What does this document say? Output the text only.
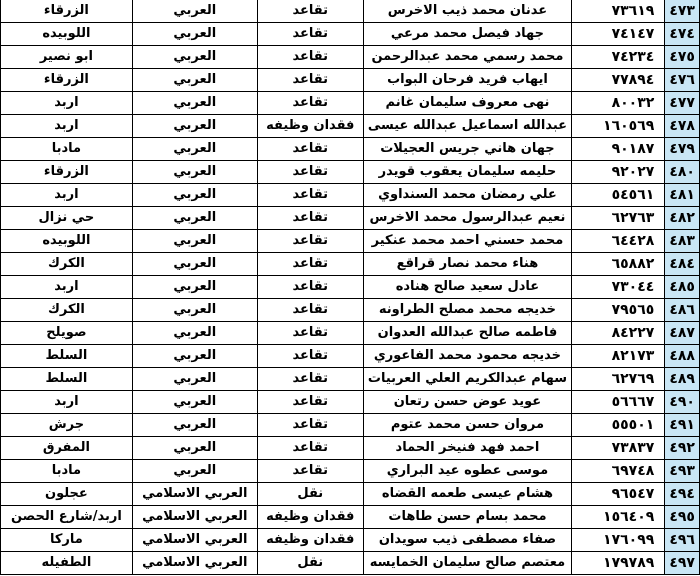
الزرقاء	العربي	تقاعد	عدنان محمد ذيب الاخرس	٧٣٦١٩	٤٧٣
اللوبيده	العربي	تقاعد	جهاد فيصل محمد مرعي	٧٤١٤٧	٤٧٤
ابو نصير	العربي	تقاعد	محمد رسمي محمد عبدالرحمن	٧٤٢٣٤	٤٧٥
الزرقاء	العربي	تقاعد	ايهاب فريد فرحان البواب	٧٧٨٩٤	٤٧٦
اربد	العربي	تقاعد	نهى معروف سليمان غانم	٨٠٠٣٢	٤٧٧
اربد	العربي	فقدان وظيفه	عبدالله اسماعيل عبدالله عيسى	١٦٠٥٦٩	٤٧٨
مادبا	العربي	تقاعد	جهان هاني جريس العجيلات	٩٠١٨٧	٤٧٩
الزرقاء	العربي	تقاعد	حليمه سليمان يعقوب قويدر	٩٢٠٢٧	٤٨٠
اربد	العربي	تقاعد	علي رمضان محمد السنداوي	٥٤٥٦١	٤٨١
حي نزال	العربي	تقاعد	نعيم عبدالرسول محمد الاخرس	٦٢٧٦٣	٤٨٢
اللوبيده	العربي	تقاعد	محمد حسني احمد محمد عنكير	٦٤٤٢٨	٤٨٣
الكرك	العربي	تقاعد	هناء محمد نصار قراقع	٦٥٨٨٢	٤٨٤
اربد	العربي	تقاعد	عادل سعيد صالح هناده	٧٣٠٤٤	٤٨٥
الكرك	العربي	تقاعد	خديجه محمد مصلح الطراونه	٧٩٥٦٥	٤٨٦
صويلح	العربي	تقاعد	فاطمه صالح عبدالله العدوان	٨٤٢٢٧	٤٨٧
السلط	العربي	تقاعد	خديجه محمود محمد الفاعوري	٨٢١٧٣	٤٨٨
السلط	العربي	تقاعد	سهام عبدالكريم العلي العربيات	٦٢٧٦٩	٤٨٩
اربد	العربي	تقاعد	عويد عوض حسن رتعان	٥٦٦٦٧	٤٩٠
جرش	العربي	تقاعد	مروان حسن محمد عتوم	٥٥٥٠١	٤٩١
المفرق	العربي	تقاعد	احمد فهد فنيخر الحماد	٧٣٨٣٧	٤٩٢
مادبا	العربي	تقاعد	موسى عطوه عيد البراري	٦٩٧٤٨	٤٩٣
عجلون	العربي الاسلامي	نقل	هشام عيسى طعمه القضاه	٩٦٥٤٧	٤٩٤
اربد/شارع الحصن	العربي الاسلامي	فقدان وظيفه	محمد بسام حسن طاهات	١٥٦٤٠٩	٤٩٥
ماركا	العربي الاسلامي	فقدان وظيفه	صفاء مصطفى ذيب سويدان	١٧٦٠٩٩	٤٩٦
الطفيله	العربي الاسلامي	نقل	معتصم صالح سليمان الخمايسه	١٧٩٧٨٩	٤٩٧
